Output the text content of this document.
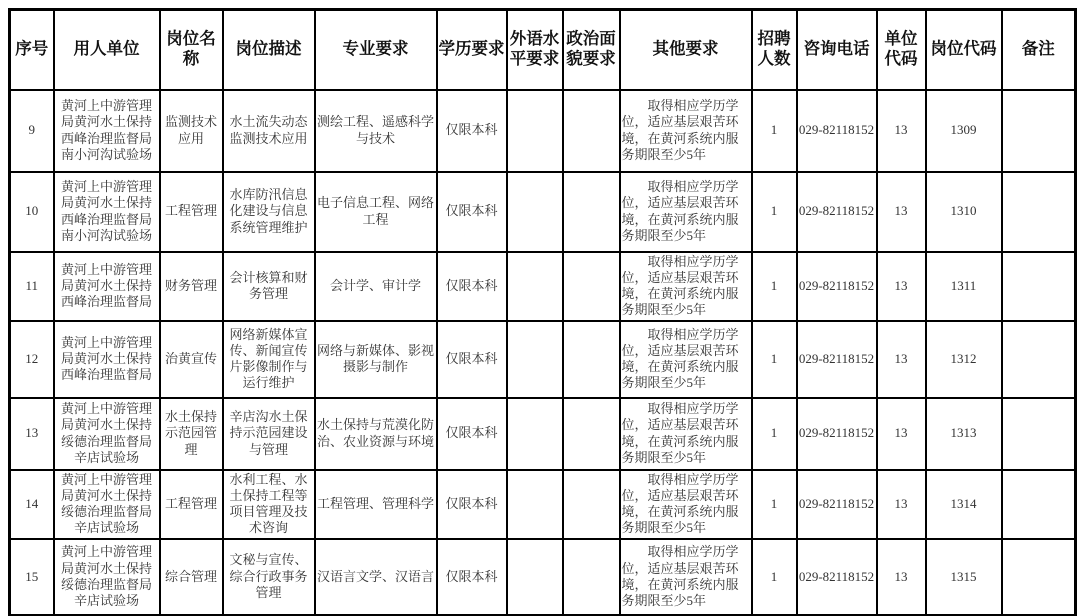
序号	用人单位	岗位名称	岗位描述	专业要求	学历要求	外语水平要求	政治面貌要求	其他要求	招聘人数	咨询电话	单位代码	岗位代码	备注
9	黄河上中游管理局黄河水土保持西峰治理监督局南小河沟试验场	监测技术应用	水土流失动态监测技术应用	测绘工程、遥感科学与技术	仅限本科			取得相应学历学位，适应基层艰苦环境，在黄河系统内服务期限至少5年	1	029-82118152	13	1309	
10	黄河上中游管理局黄河水土保持西峰治理监督局南小河沟试验场	工程管理	水库防汛信息化建设与信息系统管理维护	电子信息工程、网络工程	仅限本科			取得相应学历学位，适应基层艰苦环境，在黄河系统内服务期限至少5年	1	029-82118152	13	1310	
11	黄河上中游管理局黄河水土保持西峰治理监督局	财务管理	会计核算和财务管理	会计学、审计学	仅限本科			取得相应学历学位，适应基层艰苦环境，在黄河系统内服务期限至少5年	1	029-82118152	13	1311	
12	黄河上中游管理局黄河水土保持西峰治理监督局	治黄宣传	网络新媒体宣传、新闻宣传片影像制作与运行维护	网络与新媒体、影视摄影与制作	仅限本科			取得相应学历学位，适应基层艰苦环境，在黄河系统内服务期限至少5年	1	029-82118152	13	1312	
13	黄河上中游管理局黄河水土保持绥德治理监督局辛店试验场	水土保持示范园管理	辛店沟水土保持示范园建设与管理	水土保持与荒漠化防治、农业资源与环境	仅限本科			取得相应学历学位，适应基层艰苦环境，在黄河系统内服务期限至少5年	1	029-82118152	13	1313	
14	黄河上中游管理局黄河水土保持绥德治理监督局辛店试验场	工程管理	水利工程、水土保持工程等项目管理及技术咨询	工程管理、管理科学	仅限本科			取得相应学历学位，适应基层艰苦环境，在黄河系统内服务期限至少5年	1	029-82118152	13	1314	
15	黄河上中游管理局黄河水土保持绥德治理监督局辛店试验场	综合管理	文秘与宣传、综合行政事务管理	汉语言文学、汉语言	仅限本科			取得相应学历学位，适应基层艰苦环境，在黄河系统内服务期限至少5年	1	029-82118152	13	1315	
